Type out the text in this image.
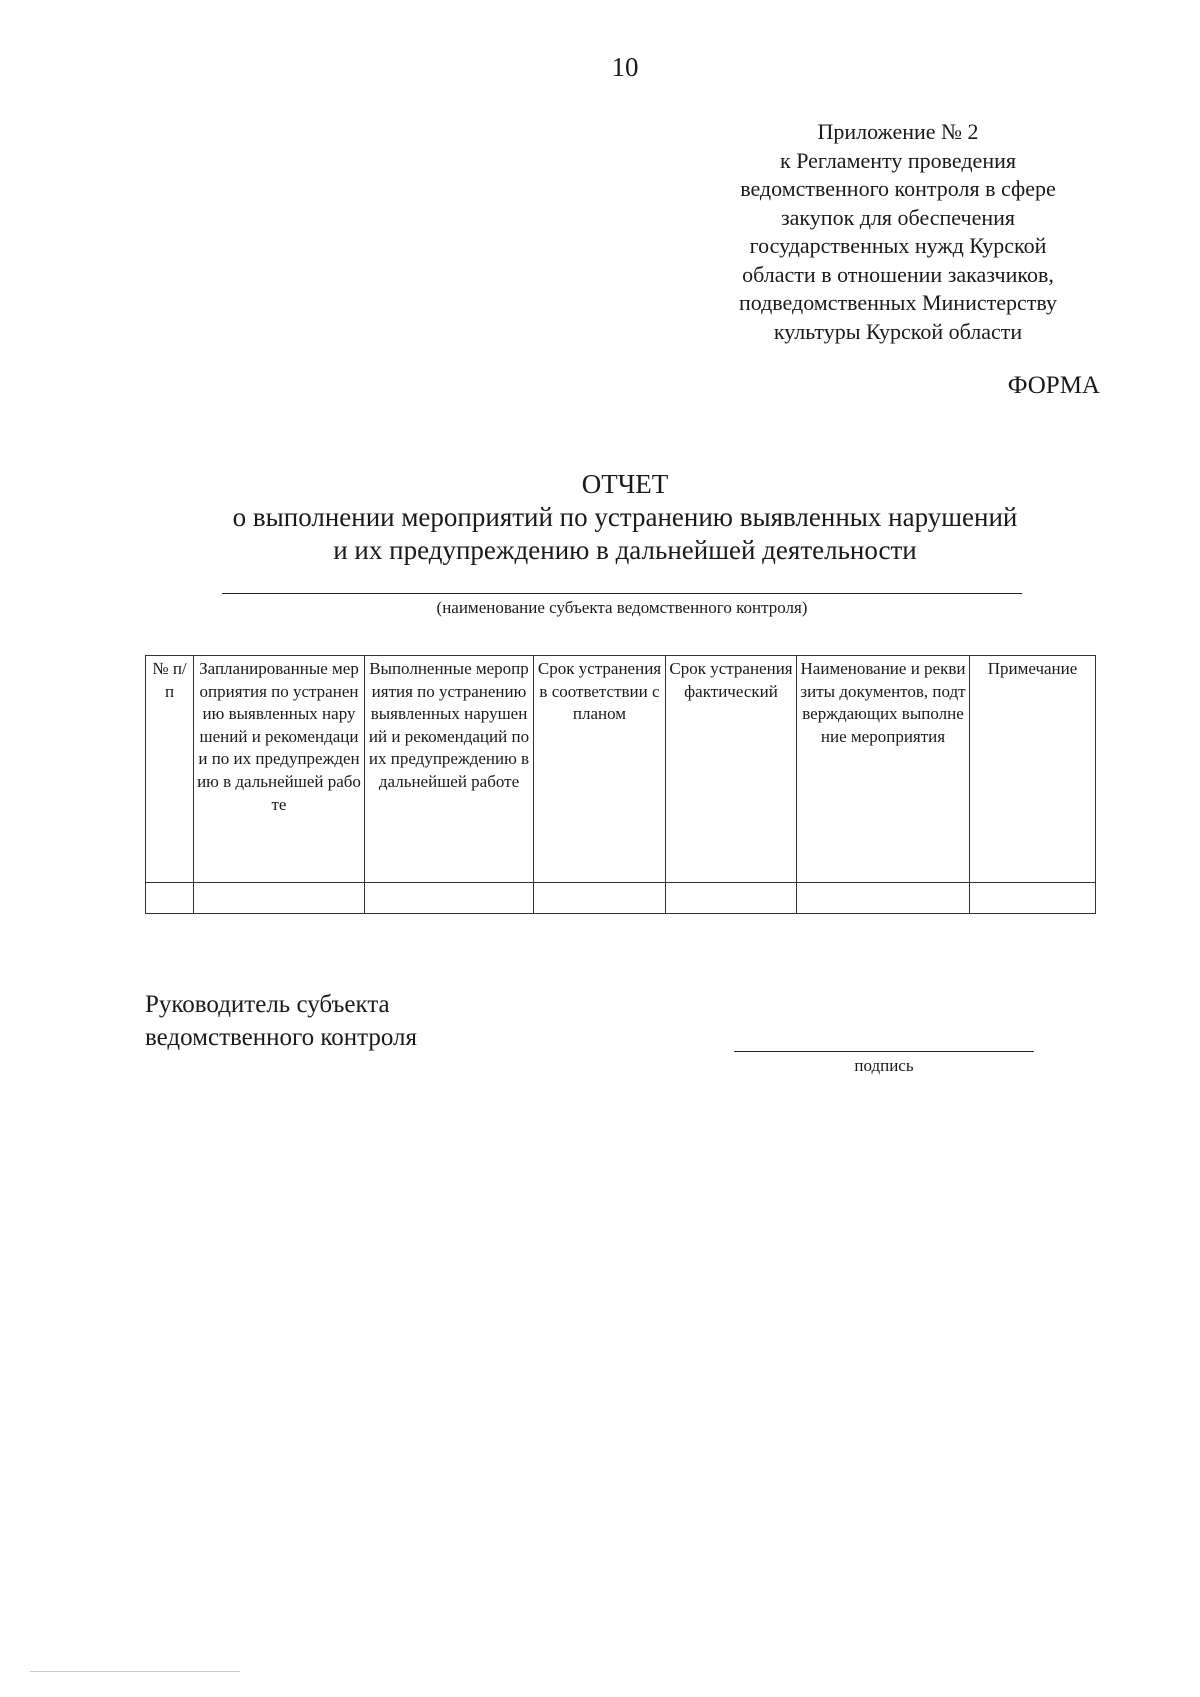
10
Приложение № 2
к Регламенту проведения
ведомственного контроля в сфере
закупок для обеспечения
государственных нужд Курской
области в отношении заказчиков,
подведомственных Министерству
культуры Курской области
ФОРМА
ОТЧЕТ
о выполнении мероприятий по устранению выявленных нарушений
и их предупреждению в дальнейшей деятельности
(наименование субъекта ведомственного контроля)
№ п/ п	Запланированные мероприятия по устранению выявленных нарушений и рекомендации по их предупреждению в дальнейшей работе	Выполненные мероприятия по устранению выявленных нарушений и рекомендаций по их предупреждению в дальнейшей работе	Срок устранения в соответствии с планом	Срок устранения фактический	Наименование и реквизиты документов, подтверждающих выполнение мероприятия	Примечание

Руководитель субъекта
ведомственного контроля
подпись
